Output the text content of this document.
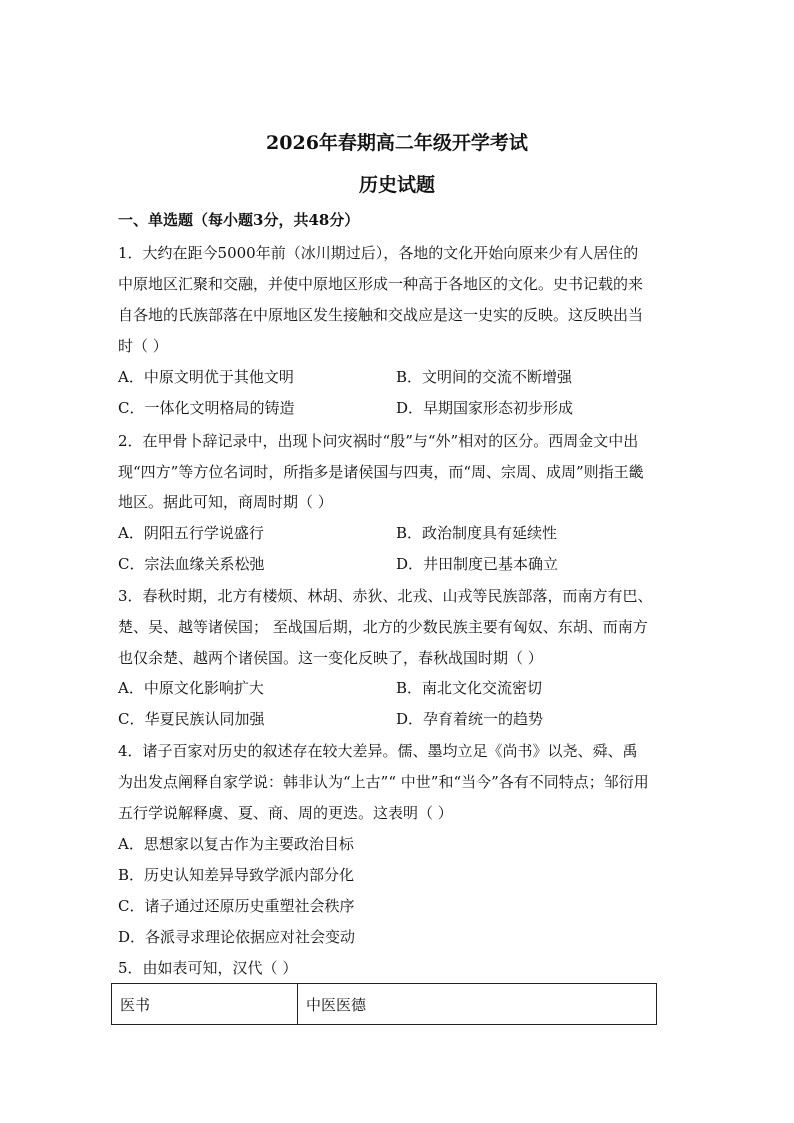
2026年春期高二年级开学考试
历史试题
一、单选题（每小题3分，共48分）
1．大约在距今5000年前（冰川期过后），各地的文化开始向原来少有人居住的
中原地区汇聚和交融，并使中原地区形成一种高于各地区的文化。史书记载的来
自各地的氏族部落在中原地区发生接触和交战应是这一史实的反映。这反映出当
时（ ）
A．中原文明优于其他文明	B．文明间的交流不断增强
C．一体化文明格局的铸造	D．早期国家形态初步形成
2．在甲骨卜辞记录中，出现卜问灾祸时“殷”与“外”相对的区分。西周金文中出
现“四方”等方位名词时，所指多是诸侯国与四夷，而“周、宗周、成周”则指王畿
地区。据此可知，商周时期（ ）
A．阴阳五行学说盛行	B．政治制度具有延续性
C．宗法血缘关系松弛	D．井田制度已基本确立
3．春秋时期，北方有楼烦、林胡、赤狄、北戎、山戎等民族部落，而南方有巴、
楚、吴、越等诸侯国； 至战国后期，北方的少数民族主要有匈奴、东胡、而南方
也仅余楚、越两个诸侯国。这一变化反映了，春秋战国时期（ ）
A．中原文化影响扩大	B．南北文化交流密切
C．华夏民族认同加强	D．孕育着统一的趋势
4．诸子百家对历史的叙述存在较大差异。儒、墨均立足《尚书》以尧、舜、禹
为出发点阐释自家学说：韩非认为“上古”“ 中世”和“当今”各有不同特点；邹衍用
五行学说解释虞、夏、商、周的更迭。这表明（ ）
A．思想家以复古作为主要政治目标
B．历史认知差异导致学派内部分化
C．诸子通过还原历史重塑社会秩序
D．各派寻求理论依据应对社会变动
5．由如表可知，汉代（ ）
医书	中医医德
